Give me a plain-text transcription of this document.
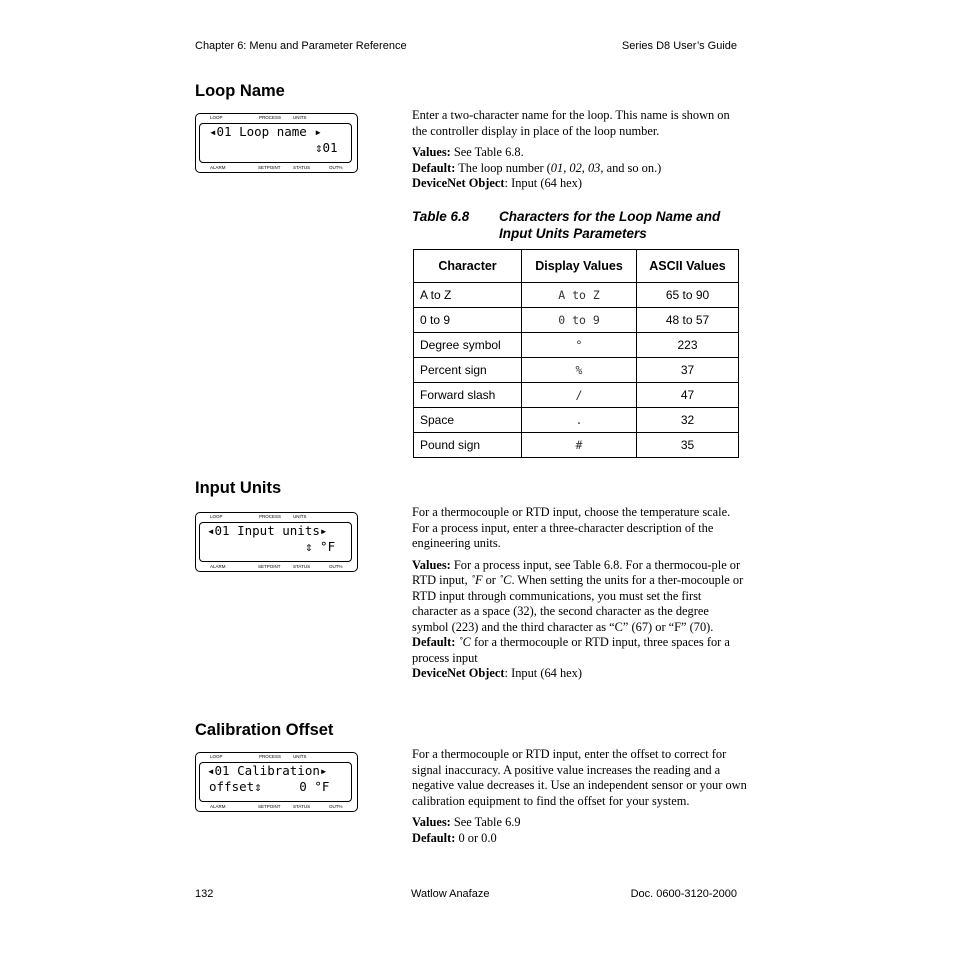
Chapter 6: Menu and Parameter Reference	Series D8 User’s Guide
Loop Name
LOOP	PROCESS	UNITS
ALARM	SETPOINT	STATUS	OUT%
◂01 Loop name ▸
⇕01

Enter a two-character name for the loop. This name is shown on the controller display in place of the loop number.

Values: See Table 6.8.

Default: The loop number (01, 02, 03, and so on.)

DeviceNet Object: Input (64 hex)

Table 6.8 Characters for the Loop Name and
Input Units Parameters
Character	Display Values	ASCII Values
A to Z	A to Z	65 to 90
0 to 9	0 to 9	48 to 57
Degree symbol	°	223
Percent sign	%	37
Forward slash	/	47
Space	.	32
Pound sign	#	35
Input Units
LOOP	PROCESS	UNITS
ALARM	SETPOINT	STATUS	OUT%
◂01 Input units▸
⇕ °F

For a thermocouple or RTD input, choose the temperature scale. For a process input, enter a three-character description of the engineering units.

Values: For a process input, see Table 6.8. For a thermocou-ple or RTD input, ˚F or ˚C. When setting the units for a ther-mocouple or RTD input through communications, you must set the first character as a space (32), the second character as the degree symbol (223) and the third character as “C” (67) or “F” (70).

Default: ˚C for a thermocouple or RTD input, three spaces for a process input

DeviceNet Object: Input (64 hex)

Calibration Offset
LOOP	PROCESS	UNITS
ALARM	SETPOINT	STATUS	OUT%
◂01 Calibration▸
offset⇕     0 °F

For a thermocouple or RTD input, enter the offset to correct for signal inaccuracy. A positive value increases the reading and a negative value decreases it. Use an independent sensor or your own calibration equipment to find the offset for your system.

Values: See Table 6.9

Default: 0 or 0.0

132	Watlow Anafaze	Doc. 0600-3120-2000
